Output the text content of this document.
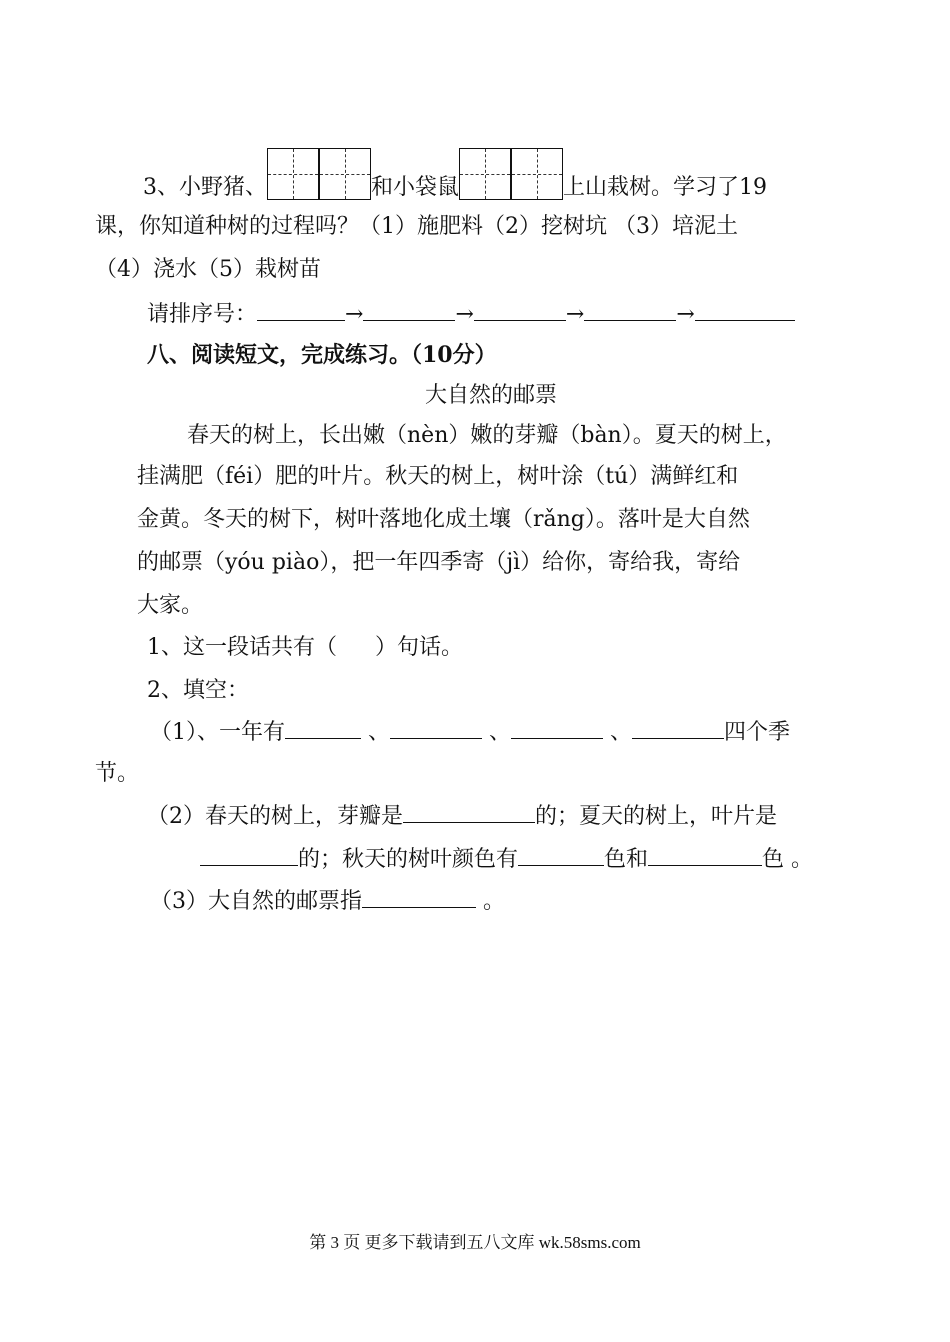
3、小野猪、	和小袋鼠	上山栽树。学习了19
课，你知道种树的过程吗？（1）施肥料（2）挖树坑 （3）培泥土
（4）浇水（5）栽树苗
请排序号：	→	→	→	→
八、阅读短文，完成练习。（10分）
大自然的邮票
春天的树上，长出嫩（nèn）嫩的芽瓣（bàn）。夏天的树上，
挂满肥（féi）肥的叶片。秋天的树上，树叶涂（tú）满鲜红和
金黄。冬天的树下，树叶落地化成土壤（rǎng）。落叶是大自然
的邮票（yóu piào），把一年四季寄（jì）给你，寄给我，寄给
大家。
1、这一段话共有（ ）句话。
2、填空：
（1）、一年有	、	、	、	四个季
节。
（2）春天的树上，芽瓣是	的；夏天的树上，叶片是
的；秋天的树叶颜色有	色和	色 。
（3）大自然的邮票指	。
第 3 页 更多下载请到五八文库 wk.58sms.com
